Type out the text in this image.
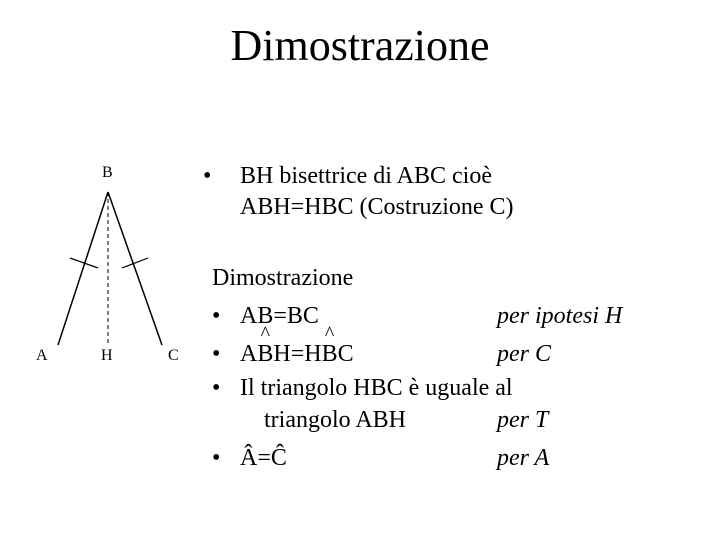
Dimostrazione
B
A	H	C
• BH bisettrice di ABC cioè
ABH=HBC (Costruzione C)
Dimostrazione
• AB=BC	per ipotesi H
• A^ BH=H^ BC	per C
• Il triangolo HBC è uguale al
triangolo ABH	per T
• Â=Ĉ	per A
